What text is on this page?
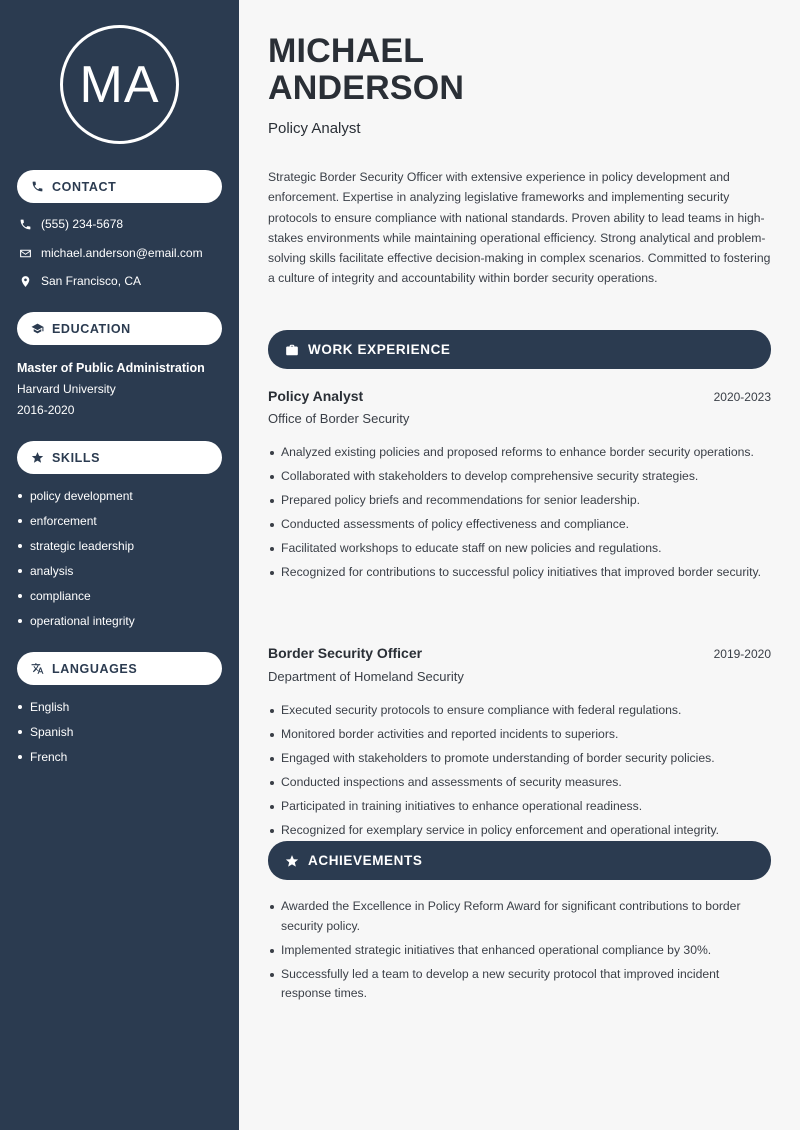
MA
CONTACT
(555) 234-5678
michael.anderson@email.com
San Francisco, CA
EDUCATION
Master of Public Administration
Harvard University
2016-2020
SKILLS
policy development
enforcement
strategic leadership
analysis
compliance
operational integrity
LANGUAGES
English
Spanish
French
MICHAEL
ANDERSON
Policy Analyst

Strategic Border Security Officer with extensive experience in policy development and enforcement. Expertise in analyzing legislative frameworks and implementing security protocols to ensure compliance with national standards. Proven ability to lead teams in high-stakes environments while maintaining operational efficiency. Strong analytical and problem-solving skills facilitate effective decision-making in complex scenarios. Committed to fostering a culture of integrity and accountability within border security operations.

WORK EXPERIENCE
Policy Analyst	2020-2023
Office of Border Security
Analyzed existing policies and proposed reforms to enhance border security operations.
Collaborated with stakeholders to develop comprehensive security strategies.
Prepared policy briefs and recommendations for senior leadership.
Conducted assessments of policy effectiveness and compliance.
Facilitated workshops to educate staff on new policies and regulations.
Recognized for contributions to successful policy initiatives that improved border security.
Border Security Officer	2019-2020
Department of Homeland Security
Executed security protocols to ensure compliance with federal regulations.
Monitored border activities and reported incidents to superiors.
Engaged with stakeholders to promote understanding of border security policies.
Conducted inspections and assessments of security measures.
Participated in training initiatives to enhance operational readiness.
Recognized for exemplary service in policy enforcement and operational integrity.
ACHIEVEMENTS
Awarded the Excellence in Policy Reform Award for significant contributions to border security policy.
Implemented strategic initiatives that enhanced operational compliance by 30%.
Successfully led a team to develop a new security protocol that improved incident response times.
